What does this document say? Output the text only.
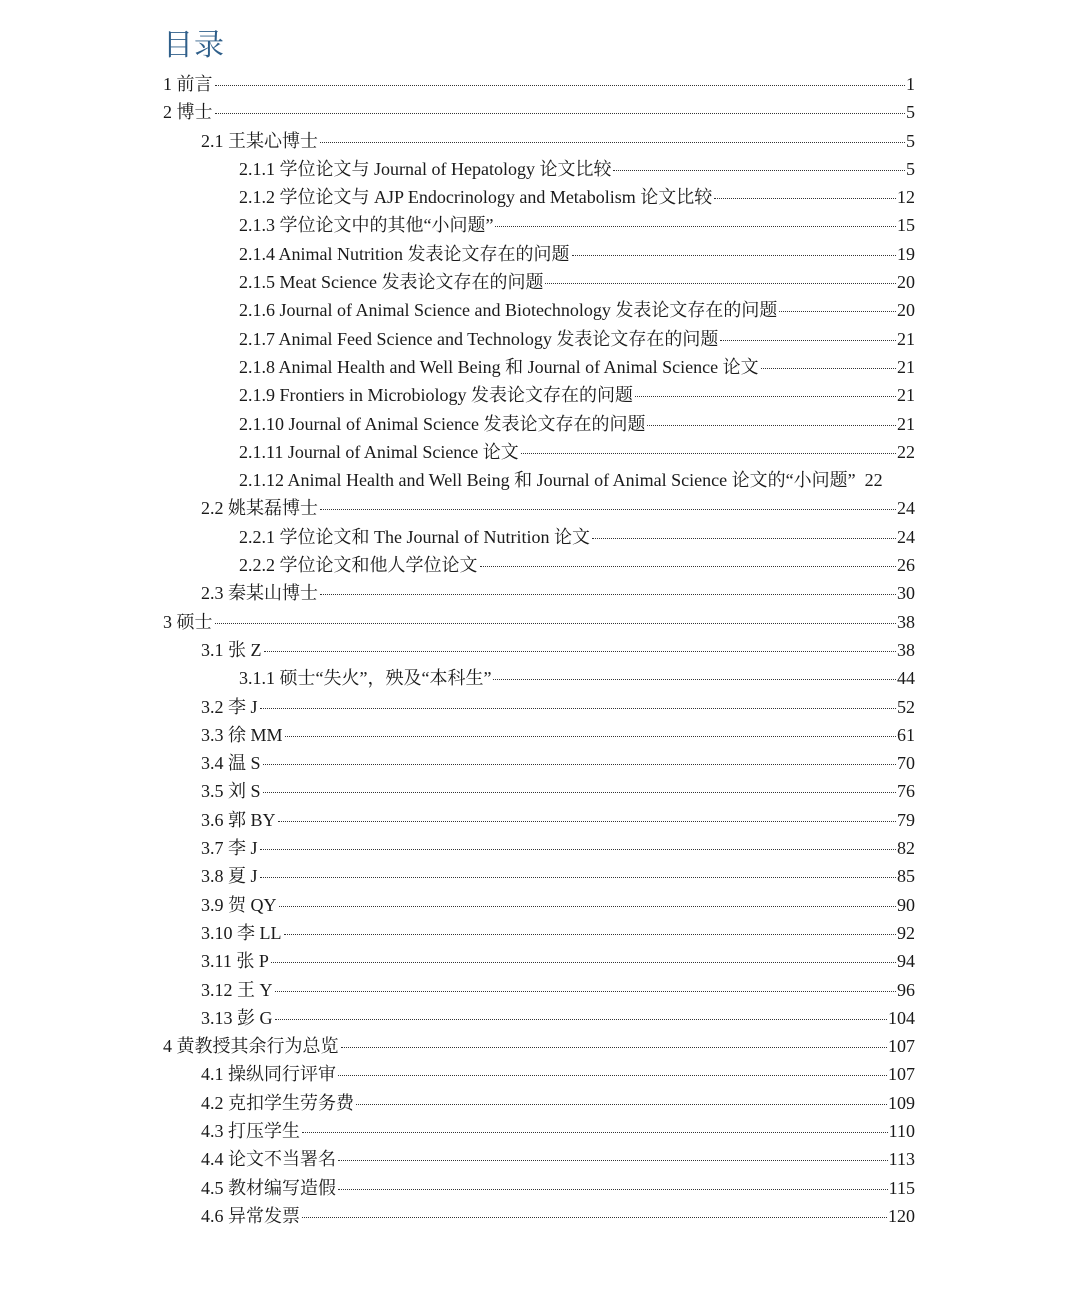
目录
1 前言	1
2 博士	5
2.1 王某心博士	5
2.1.1 学位论文与 Journal of Hepatology 论文比较	5
2.1.2 学位论文与 AJP Endocrinology and Metabolism 论文比较	12
2.1.3 学位论文中的其他“小问题”	15
2.1.4 Animal Nutrition 发表论文存在的问题	19
2.1.5 Meat Science 发表论文存在的问题	20
2.1.6 Journal of Animal Science and Biotechnology 发表论文存在的问题	20
2.1.7 Animal Feed Science and Technology 发表论文存在的问题	21
2.1.8 Animal Health and Well Being 和 Journal of Animal Science 论文	21
2.1.9 Frontiers in Microbiology 发表论文存在的问题	21
2.1.10 Journal of Animal Science 发表论文存在的问题	21
2.1.11 Journal of Animal Science 论文	22
2.1.12 Animal Health and Well Being 和 Journal of Animal Science 论文的“小问题” 22
2.2 姚某磊博士	24
2.2.1 学位论文和 The Journal of Nutrition 论文	24
2.2.2 学位论文和他人学位论文	26
2.3 秦某山博士	30
3 硕士	38
3.1 张 Z	38
3.1.1 硕士“失火”，殃及“本科生”	44
3.2 李 J	52
3.3 徐 MM	61
3.4 温 S	70
3.5 刘 S	76
3.6 郭 BY	79
3.7 李 J	82
3.8 夏 J	85
3.9 贺 QY	90
3.10 李 LL	92
3.11 张 P	94
3.12 王 Y	96
3.13 彭 G	104
4 黄教授其余行为总览	107
4.1 操纵同行评审	107
4.2 克扣学生劳务费	109
4.3 打压学生	110
4.4 论文不当署名	113
4.5 教材编写造假	115
4.6 异常发票	120
